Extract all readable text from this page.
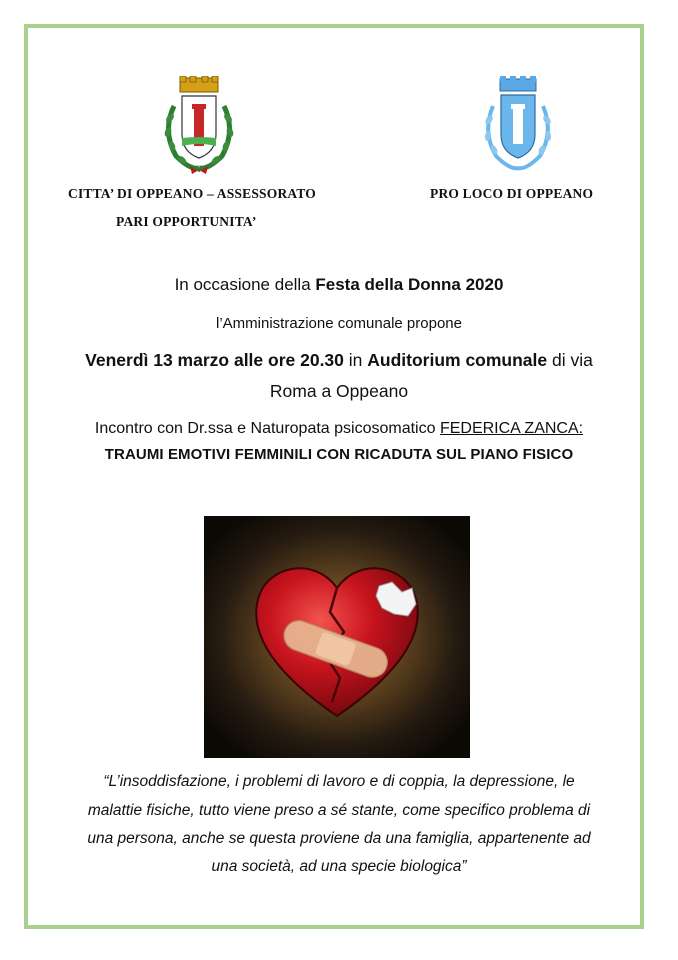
CITTA’ DI OPPEANO – ASSESSORATO
PARI OPPORTUNITA’
PRO LOCO DI OPPEANO
In occasione della Festa della Donna 2020
l’Amministrazione comunale propone
Venerdì 13 marzo alle ore 20.30 in Auditorium comunale di via
Roma a Oppeano
Incontro con Dr.ssa e Naturopata psicosomatico FEDERICA ZANCA:
TRAUMI EMOTIVI FEMMINILI CON RICADUTA SUL PIANO FISICO
“L’insoddisfazione, i problemi di lavoro e di coppia, la depressione, le
malattie fisiche, tutto viene preso a sé stante, come specifico problema di
una persona, anche se questa proviene da una famiglia, appartenente ad
una società, ad una specie biologica”
